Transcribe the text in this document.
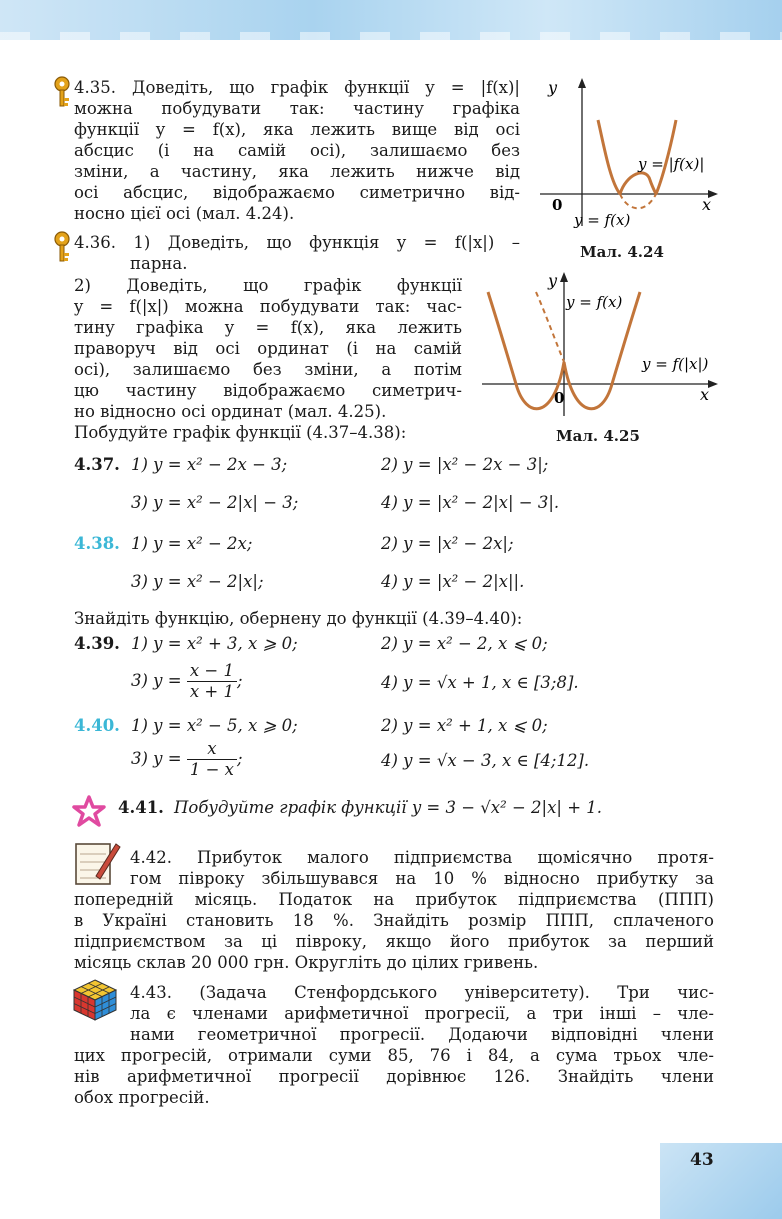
4.35. Доведіть, що графік функції y = |f(x)|
можна побудувати так: частину графіка
функції y = f(x), яка лежить вище від осі
абсцис (і на самій осі), залишаємо без
зміни, а частину, яка лежить нижче від
осі абсцис, відображаємо симетрично від-
носно цієї осі (мал. 4.24).
y
x
0
y = |f(x)|
y = f(x)
Мал. 4.24
4.36. 1) Доведіть, що функція y = f(|x|) –
парна.
2) Доведіть, що графік функції
y = f(|x|) можна побудувати так: час-
тину графіка y = f(x), яка лежить
праворуч від осі ординат (і на самій
осі), залишаємо без зміни, а потім
цю частину відображаємо симетрич-
но відносно осі ординат (мал. 4.25).
y
x
0
y = f(x)
y = f(|x|)
Мал. 4.25
Побудуйте графік функції (4.37–4.38):
4.37. 1) y = x² − 2x − 3;	2) y = |x² − 2x − 3|;
3) y = x² − 2|x| − 3;	4) y = |x² − 2|x| − 3|.
4.38. 1) y = x² − 2x;	2) y = |x² − 2x|;
3) y = x² − 2|x|;	4) y = |x² − 2|x||.
Знайдіть функцію, обернену до функції (4.39–4.40):
4.39. 1) y = x² + 3, x ⩾ 0;	2) y = x² − 2, x ⩽ 0;
3) $y = \frac{x - 1}{x + 1}$ ;	4) y = √x + 1, x ∈ [3;8].
4.40. 1) y = x² − 5, x ⩾ 0;	2) y = x² + 1, x ⩽ 0;
3) $y = \frac{x}{1 - x}$ ;	4) y = √x − 3, x ∈ [4;12].
4.41. Побудуйте графік функції y = 3 − √x² − 2|x| + 1.
4.42. Прибуток малого підприємства щомісячно протя-
гом півроку збільшувався на 10 % відносно прибутку за
попередній місяць. Податок на прибуток підприємства (ППП)
в Україні становить 18 %. Знайдіть розмір ППП, сплаченого
підприємством за ці півроку, якщо його прибуток за перший
місяць склав 20 000 грн. Округліть до цілих гривень.
4.43. (Задача Стенфордського університету). Три чис-
ла є членами арифметичної прогресії, а три інші – чле-
нами геометричної прогресії. Додаючи відповідні члени
цих прогресій, отримали суми 85, 76 і 84, а сума трьох чле-
нів арифметичної прогресії дорівнює 126. Знайдіть члени
обох прогресій.
43
